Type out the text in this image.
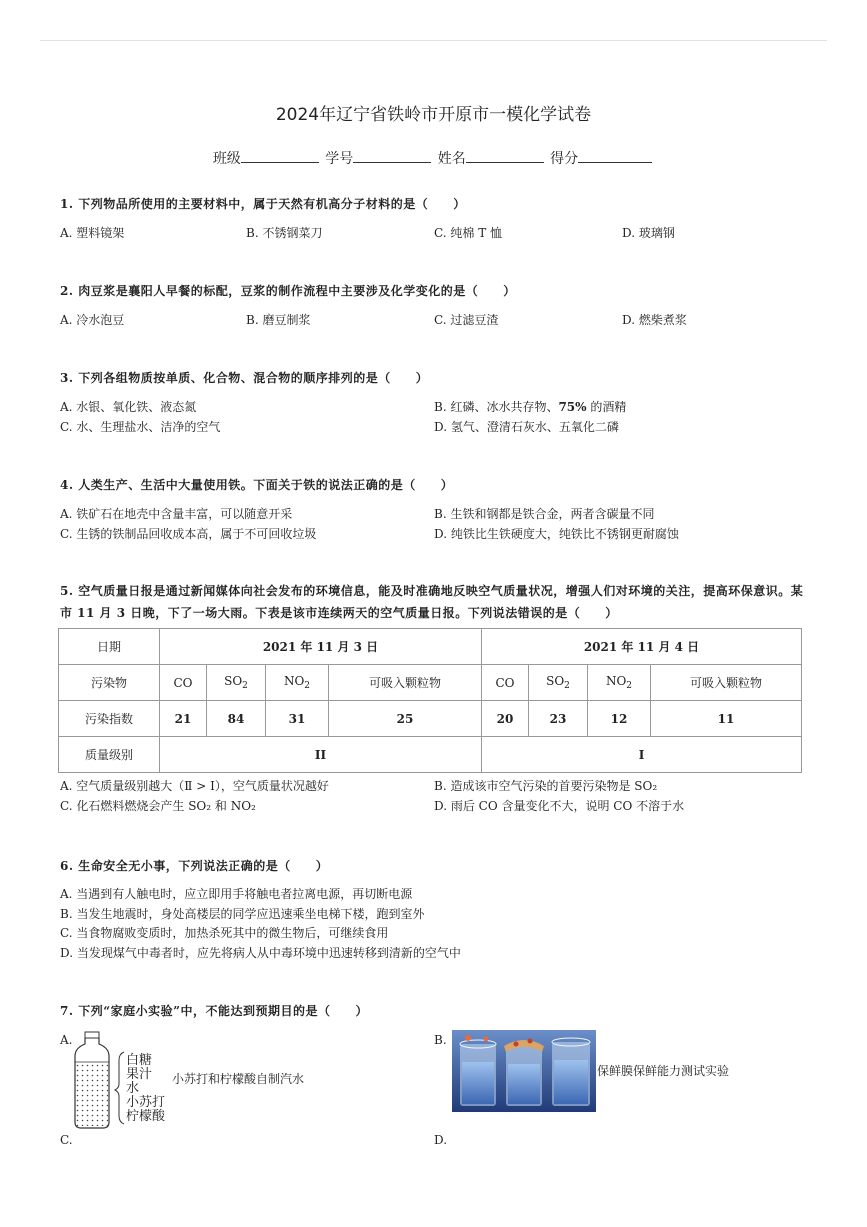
2024年辽宁省铁岭市开原市一模化学试卷
班级	学号	姓名	得分
1. 下列物品所使用的主要材料中，属于天然有机高分子材料的是（　　）
A. 塑料镜架	B. 不锈钢菜刀	C. 纯棉 T 恤	D. 玻璃钢
2. 肉豆浆是襄阳人早餐的标配，豆浆的制作流程中主要涉及化学变化的是（　　）
A. 冷水泡豆	B. 磨豆制浆	C. 过滤豆渣	D. 燃柴煮浆
3. 下列各组物质按单质、化合物、混合物的顺序排列的是（　　）
A. 水银、氧化铁、液态氮	B. 红磷、冰水共存物、75% 的酒精
C. 水、生理盐水、洁净的空气	D. 氢气、澄清石灰水、五氧化二磷
4. 人类生产、生活中大量使用铁。下面关于铁的说法正确的是（　　）
A. 铁矿石在地壳中含量丰富，可以随意开采	B. 生铁和钢都是铁合金，两者含碳量不同
C. 生锈的铁制品回收成本高，属于不可回收垃圾	D. 纯铁比生铁硬度大，纯铁比不锈钢更耐腐蚀
5. 空气质量日报是通过新闻媒体向社会发布的环境信息，能及时准确地反映空气质量状况，增强人们对环境的关注，提高环保意识。某市 11 月 3 日晚，下了一场大雨。下表是该市连续两天的空气质量日报。下列说法错误的是（　　）
日期	2021 年 11 月 3 日				2021 年 11 月 4 日			
污染物	CO	$SO_2$	$NO_2$	可吸入颗粒物	CO	$SO_2$	$NO_2$	可吸入颗粒物
污染指数	21	84	31	25	20	23	12	11
质量级别	II				I			
A. 空气质量级别越大（Ⅱ > Ⅰ），空气质量状况越好	B. 造成该市空气污染的首要污染物是 SO₂
C. 化石燃料燃烧会产生 SO₂ 和 NO₂	D. 雨后 CO 含量变化不大，说明 CO 不溶于水
6. 生命安全无小事，下列说法正确的是（　　）
A. 当遇到有人触电时，应立即用手将触电者拉离电源，再切断电源
B. 当发生地震时，身处高楼层的同学应迅速乘坐电梯下楼，跑到室外
C. 当食物腐败变质时，加热杀死其中的微生物后，可继续食用
D. 当发现煤气中毒者时，应先将病人从中毒环境中迅速转移到清新的空气中
7. 下列“家庭小实验”中，不能达到预期目的是（　　）
A.	B.
C.	D.
白糖
果汁
水
小苏打
柠檬酸
小苏打和柠檬酸自制汽水
保鲜膜保鲜能力测试实验
